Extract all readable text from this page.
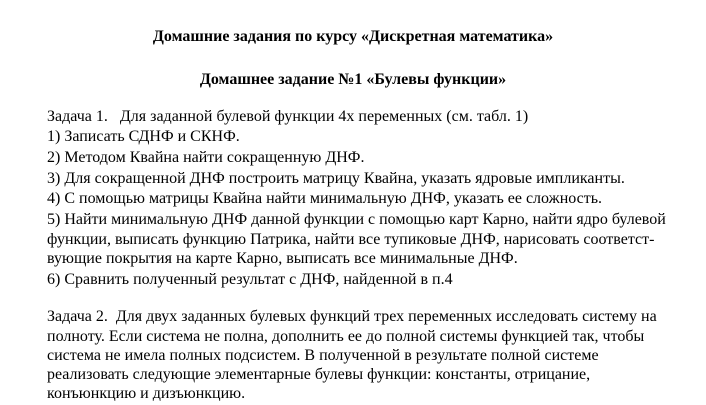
Домашние задания по курсу «Дискретная математика»
Домашнее задание №1 «Булевы функции»
Задача 1.   Для заданной булевой функции 4х переменных (см. табл. 1)
1) Записать СДНФ и СКНФ.
2) Методом Квайна найти сокращенную ДНФ.
3) Для сокращенной ДНФ построить матрицу Квайна, указать ядровые импликанты.
4) С помощью матрицы Квайна найти минимальную ДНФ, указать ее сложность.
5) Найти минимальную ДНФ данной функции с помощью карт Карно, найти ядро булевой
функции, выписать функцию Патрика, найти все тупиковые ДНФ, нарисовать соответст-
вующие покрытия на карте Карно, выписать все минимальные ДНФ.
6) Сравнить полученный результат с ДНФ, найденной в п.4
Задача 2.  Для двух заданных булевых функций трех переменных исследовать систему на
полноту. Если система не полна, дополнить ее до полной системы функцией так, чтобы
система не имела полных подсистем. В полученной в результате полной системе
реализовать следующие элементарные булевы функции: константы, отрицание,
конъюнкцию и дизъюнкцию.
